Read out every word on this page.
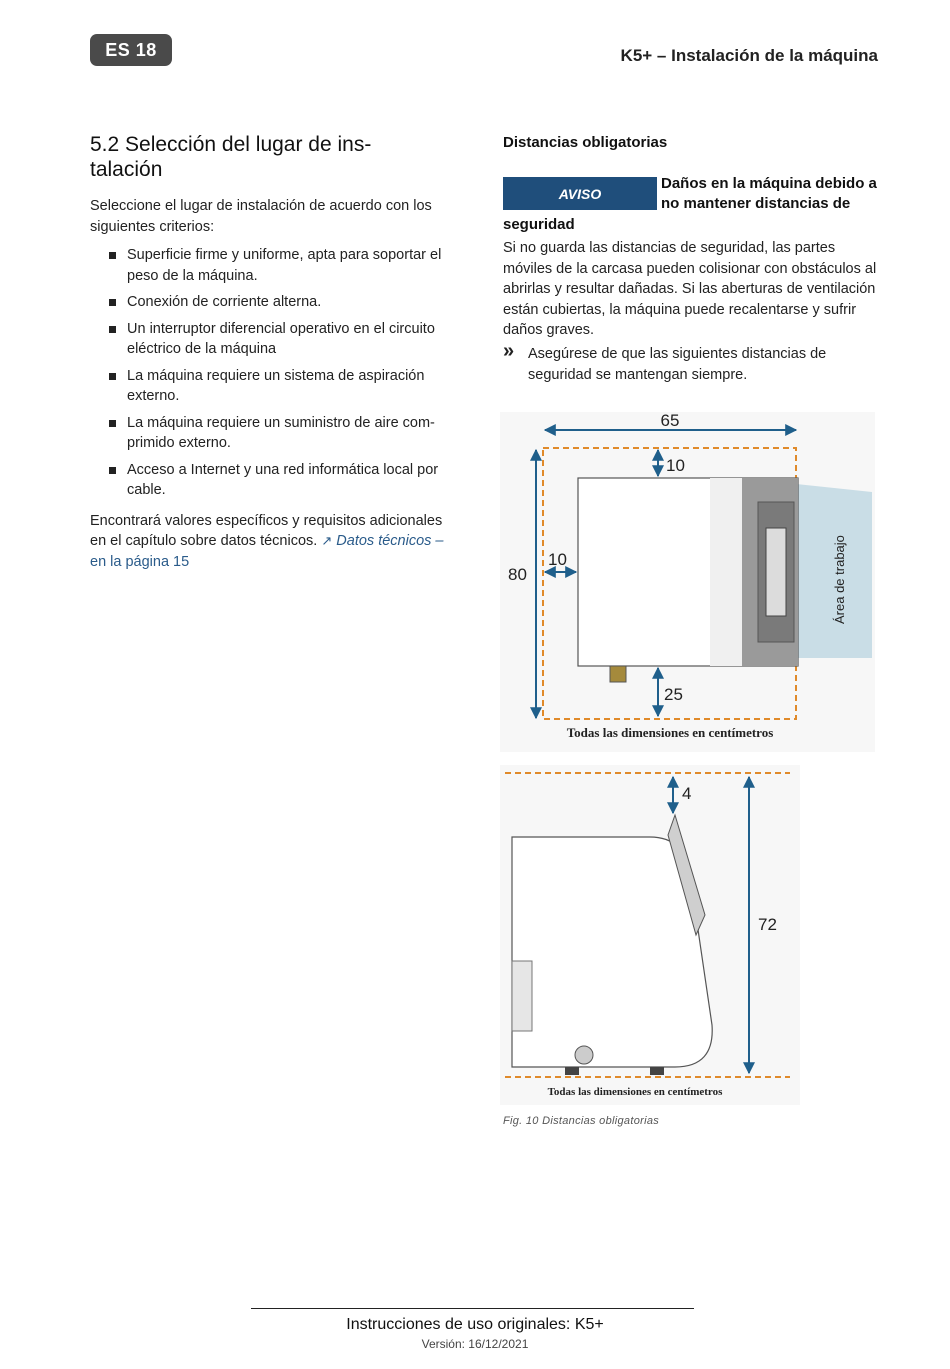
ES 18	K5+ – Instalación de la máquina
5.2 Selección del lugar de ins-
talación

Seleccione el lugar de instalación de acuerdo con los siguientes criterios:

Superficie firme y uniforme, apta para soportar el peso de la máquina.
Conexión de corriente alterna.
Un interruptor diferencial operativo en el circuito eléctrico de la máquina
La máquina requiere un sistema de aspiración externo.
La máquina requiere un suministro de aire com-primido externo.
Acceso a Internet y una red informática local por cable.

Encontrará valores específicos y requisitos adicionales en el capítulo sobre datos técnicos. ↗ Datos técnicos –
en la página 15

Distancias obligatorias
AVISO
Daños en la máquina debido a
no mantener distancias de
seguridad

Si no guarda las distancias de seguridad, las partes móviles de la carcasa pueden colisionar con obstáculos al abrirlas y resultar dañadas. Si las aberturas de ventilación están cubiertas, la máquina puede recalentarse y sufrir daños graves.

» Asegúrese de que las siguientes distancias de seguridad se mantengan siempre.
65
80
10
10
25
Área de trabajo
Todas las dimensiones en centímetros
4
72
Todas las dimensiones en centímetros
Fig. 10 Distancias obligatorias
Instrucciones de uso originales: K5+
Versión: 16/12/2021
